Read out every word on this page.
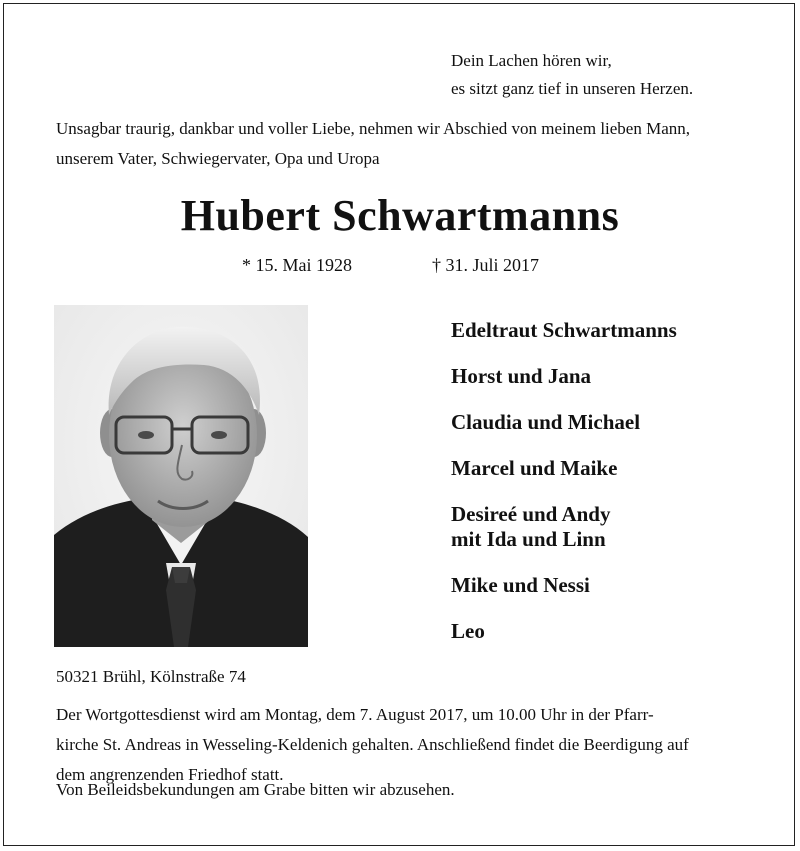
Dein Lachen hören wir,
es sitzt ganz tief in unseren Herzen.
Unsagbar traurig, dankbar und voller Liebe, nehmen wir Abschied von meinem lieben Mann,
unserem Vater, Schwiegervater, Opa und Uropa
Hubert Schwartmanns
* 15. Mai 1928	† 31. Juli 2017
Edeltraut Schwartmanns
Horst und Jana
Claudia und Michael
Marcel und Maike
Desireé und Andy
mit Ida und Linn
Mike und Nessi
Leo
50321 Brühl, Kölnstraße 74
Der Wortgottesdienst wird am Montag, dem 7. August 2017, um 10.00 Uhr in der Pfarr-
kirche St. Andreas in Wesseling-Keldenich gehalten. Anschließend findet die Beerdigung auf
dem angrenzenden Friedhof statt.
Von Beileidsbekundungen am Grabe bitten wir abzusehen.
